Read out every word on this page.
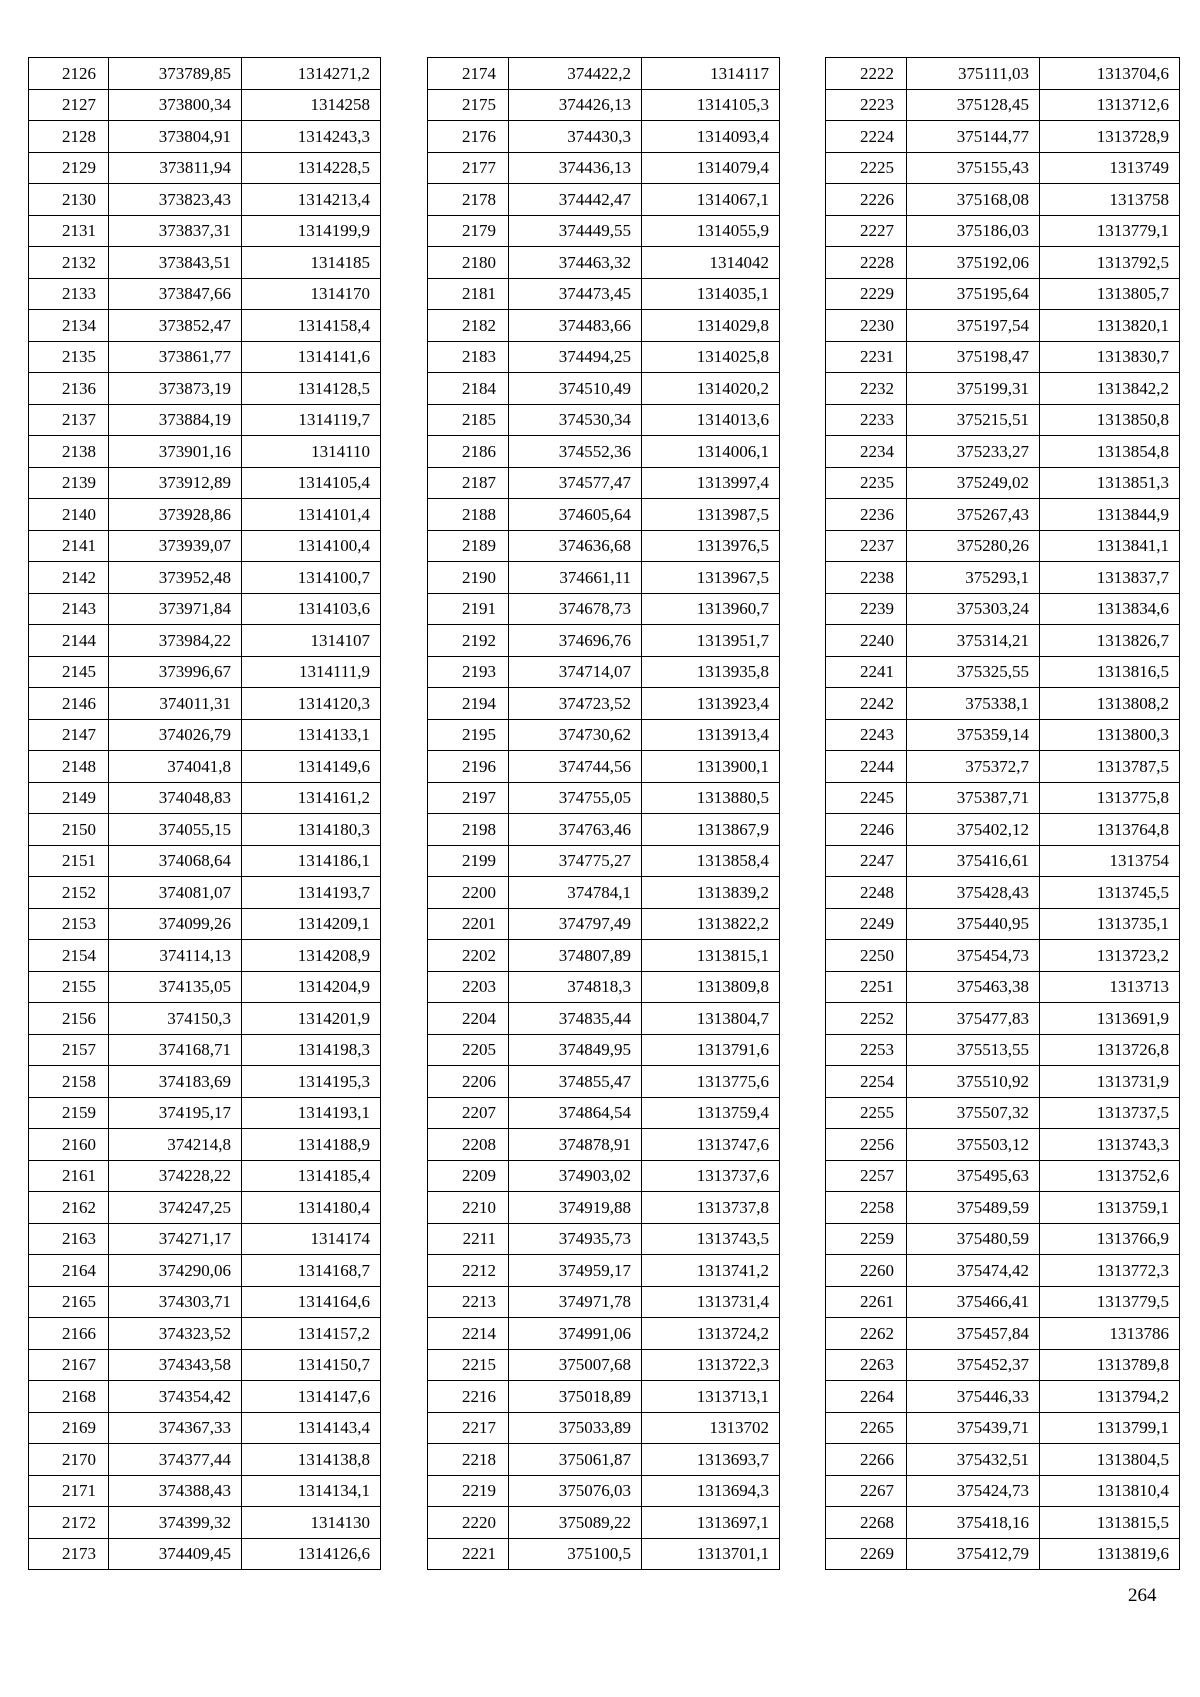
2126	373789,85	1314271,2
2127	373800,34	1314258
2128	373804,91	1314243,3
2129	373811,94	1314228,5
2130	373823,43	1314213,4
2131	373837,31	1314199,9
2132	373843,51	1314185
2133	373847,66	1314170
2134	373852,47	1314158,4
2135	373861,77	1314141,6
2136	373873,19	1314128,5
2137	373884,19	1314119,7
2138	373901,16	1314110
2139	373912,89	1314105,4
2140	373928,86	1314101,4
2141	373939,07	1314100,4
2142	373952,48	1314100,7
2143	373971,84	1314103,6
2144	373984,22	1314107
2145	373996,67	1314111,9
2146	374011,31	1314120,3
2147	374026,79	1314133,1
2148	374041,8	1314149,6
2149	374048,83	1314161,2
2150	374055,15	1314180,3
2151	374068,64	1314186,1
2152	374081,07	1314193,7
2153	374099,26	1314209,1
2154	374114,13	1314208,9
2155	374135,05	1314204,9
2156	374150,3	1314201,9
2157	374168,71	1314198,3
2158	374183,69	1314195,3
2159	374195,17	1314193,1
2160	374214,8	1314188,9
2161	374228,22	1314185,4
2162	374247,25	1314180,4
2163	374271,17	1314174
2164	374290,06	1314168,7
2165	374303,71	1314164,6
2166	374323,52	1314157,2
2167	374343,58	1314150,7
2168	374354,42	1314147,6
2169	374367,33	1314143,4
2170	374377,44	1314138,8
2171	374388,43	1314134,1
2172	374399,32	1314130
2173	374409,45	1314126,6
2174	374422,2	1314117
2175	374426,13	1314105,3
2176	374430,3	1314093,4
2177	374436,13	1314079,4
2178	374442,47	1314067,1
2179	374449,55	1314055,9
2180	374463,32	1314042
2181	374473,45	1314035,1
2182	374483,66	1314029,8
2183	374494,25	1314025,8
2184	374510,49	1314020,2
2185	374530,34	1314013,6
2186	374552,36	1314006,1
2187	374577,47	1313997,4
2188	374605,64	1313987,5
2189	374636,68	1313976,5
2190	374661,11	1313967,5
2191	374678,73	1313960,7
2192	374696,76	1313951,7
2193	374714,07	1313935,8
2194	374723,52	1313923,4
2195	374730,62	1313913,4
2196	374744,56	1313900,1
2197	374755,05	1313880,5
2198	374763,46	1313867,9
2199	374775,27	1313858,4
2200	374784,1	1313839,2
2201	374797,49	1313822,2
2202	374807,89	1313815,1
2203	374818,3	1313809,8
2204	374835,44	1313804,7
2205	374849,95	1313791,6
2206	374855,47	1313775,6
2207	374864,54	1313759,4
2208	374878,91	1313747,6
2209	374903,02	1313737,6
2210	374919,88	1313737,8
2211	374935,73	1313743,5
2212	374959,17	1313741,2
2213	374971,78	1313731,4
2214	374991,06	1313724,2
2215	375007,68	1313722,3
2216	375018,89	1313713,1
2217	375033,89	1313702
2218	375061,87	1313693,7
2219	375076,03	1313694,3
2220	375089,22	1313697,1
2221	375100,5	1313701,1
2222	375111,03	1313704,6
2223	375128,45	1313712,6
2224	375144,77	1313728,9
2225	375155,43	1313749
2226	375168,08	1313758
2227	375186,03	1313779,1
2228	375192,06	1313792,5
2229	375195,64	1313805,7
2230	375197,54	1313820,1
2231	375198,47	1313830,7
2232	375199,31	1313842,2
2233	375215,51	1313850,8
2234	375233,27	1313854,8
2235	375249,02	1313851,3
2236	375267,43	1313844,9
2237	375280,26	1313841,1
2238	375293,1	1313837,7
2239	375303,24	1313834,6
2240	375314,21	1313826,7
2241	375325,55	1313816,5
2242	375338,1	1313808,2
2243	375359,14	1313800,3
2244	375372,7	1313787,5
2245	375387,71	1313775,8
2246	375402,12	1313764,8
2247	375416,61	1313754
2248	375428,43	1313745,5
2249	375440,95	1313735,1
2250	375454,73	1313723,2
2251	375463,38	1313713
2252	375477,83	1313691,9
2253	375513,55	1313726,8
2254	375510,92	1313731,9
2255	375507,32	1313737,5
2256	375503,12	1313743,3
2257	375495,63	1313752,6
2258	375489,59	1313759,1
2259	375480,59	1313766,9
2260	375474,42	1313772,3
2261	375466,41	1313779,5
2262	375457,84	1313786
2263	375452,37	1313789,8
2264	375446,33	1313794,2
2265	375439,71	1313799,1
2266	375432,51	1313804,5
2267	375424,73	1313810,4
2268	375418,16	1313815,5
2269	375412,79	1313819,6
264
